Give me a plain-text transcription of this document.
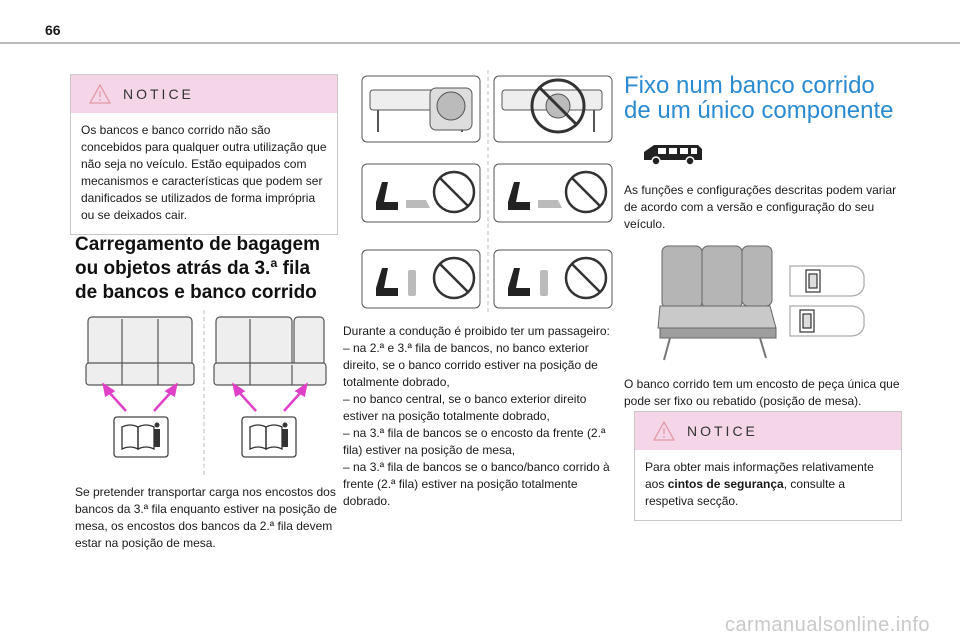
66
NOTICE
Os bancos e banco corrido não são concebidos para qualquer outra utilização que não seja no veículo. Estão equipados com mecanismos e características que podem ser danificados se utilizados de forma imprópria ou se deixados cair.
Carregamento de bagagem
ou objetos atrás da 3.ª fila
de bancos e banco corrido
Se pretender transportar carga nos encostos dos bancos da 3.ª fila enquanto estiver na posição de mesa, os encostos dos bancos da 2.ª fila devem estar na posição de mesa.
Durante a condução é proibido ter um passageiro:
– na 2.ª e 3.ª fila de bancos, no banco exterior direito, se o banco corrido estiver na posição de totalmente dobrado,
– no banco central, se o banco exterior direito estiver na posição totalmente dobrado,
– na 3.ª fila de bancos se o encosto da frente (2.ª fila) estiver na posição de mesa,
– na 3.ª fila de bancos se o banco/banco corrido à frente (2.ª fila) estiver na posição totalmente dobrado.
Fixo num banco corrido
de um único componente
As funções e configurações descritas podem variar de acordo com a versão e configuração do seu veículo.
O banco corrido tem um encosto de peça única que pode ser fixo ou rebatido (posição de mesa).
NOTICE
Para obter mais informações relativamente aos cintos de segurança, consulte a respetiva secção.
carmanualsonline.info
